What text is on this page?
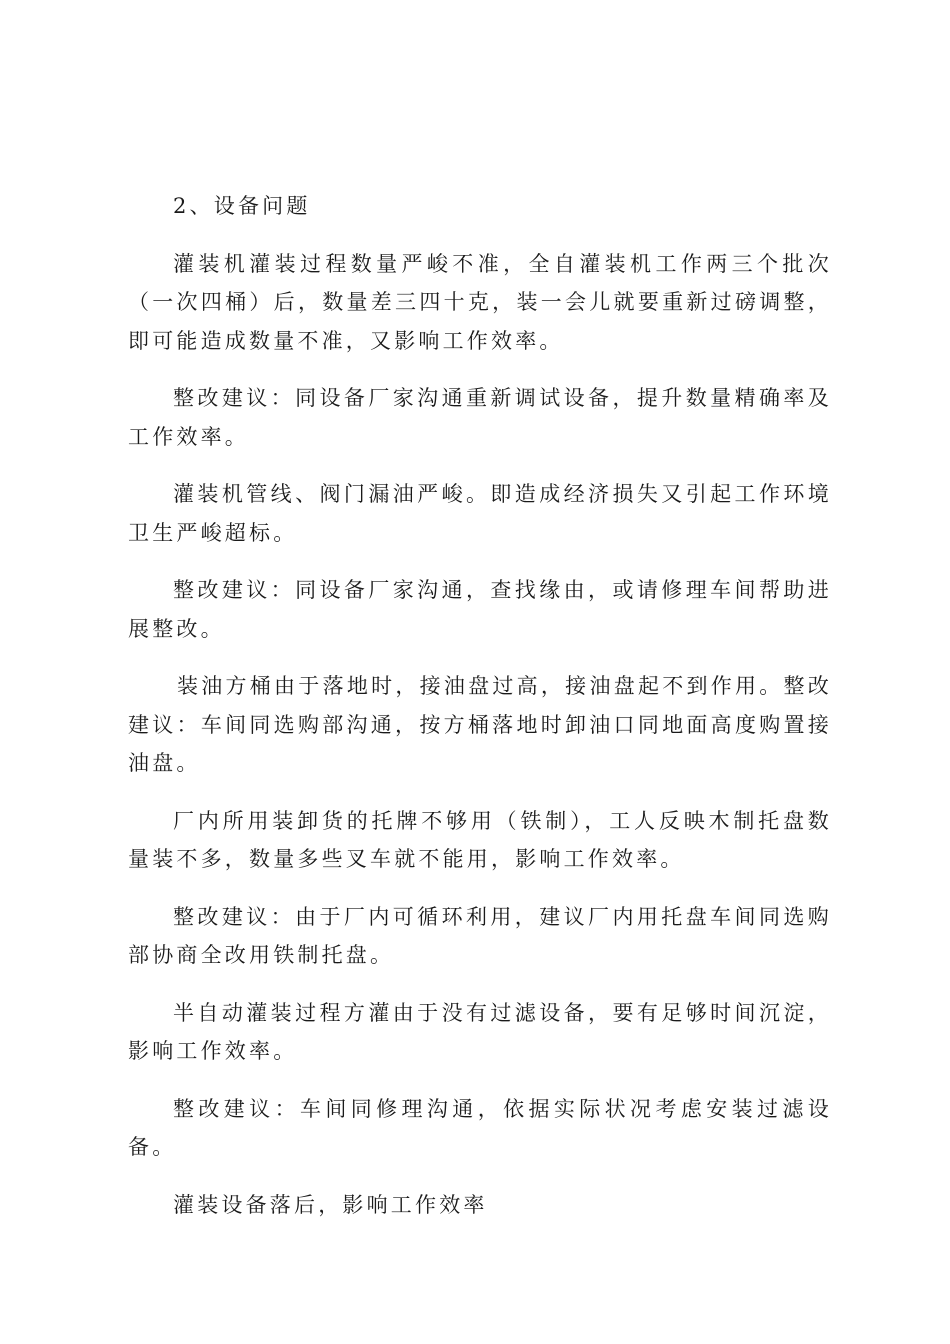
2、设备问题

灌装机灌装过程数量严峻不准，全自灌装机工作两三个批次（一次四桶）后，数量差三四十克，装一会儿就要重新过磅调整，即可能造成数量不准，又影响工作效率。

整改建议：同设备厂家沟通重新调试设备，提升数量精确率及工作效率。

灌装机管线、阀门漏油严峻。即造成经济损失又引起工作环境卫生严峻超标。

整改建议：同设备厂家沟通，查找缘由，或请修理车间帮助进展整改。

装油方桶由于落地时，接油盘过高，接油盘起不到作用。整改建议：车间同选购部沟通，按方桶落地时卸油口同地面高度购置接油盘。

厂内所用装卸货的托牌不够用（铁制），工人反映木制托盘数量装不多，数量多些叉车就不能用，影响工作效率。

整改建议：由于厂内可循环利用，建议厂内用托盘车间同选购部协商全改用铁制托盘。

半自动灌装过程方灌由于没有过滤设备，要有足够时间沉淀，影响工作效率。

整改建议：车间同修理沟通，依据实际状况考虑安装过滤设备。

灌装设备落后，影响工作效率
